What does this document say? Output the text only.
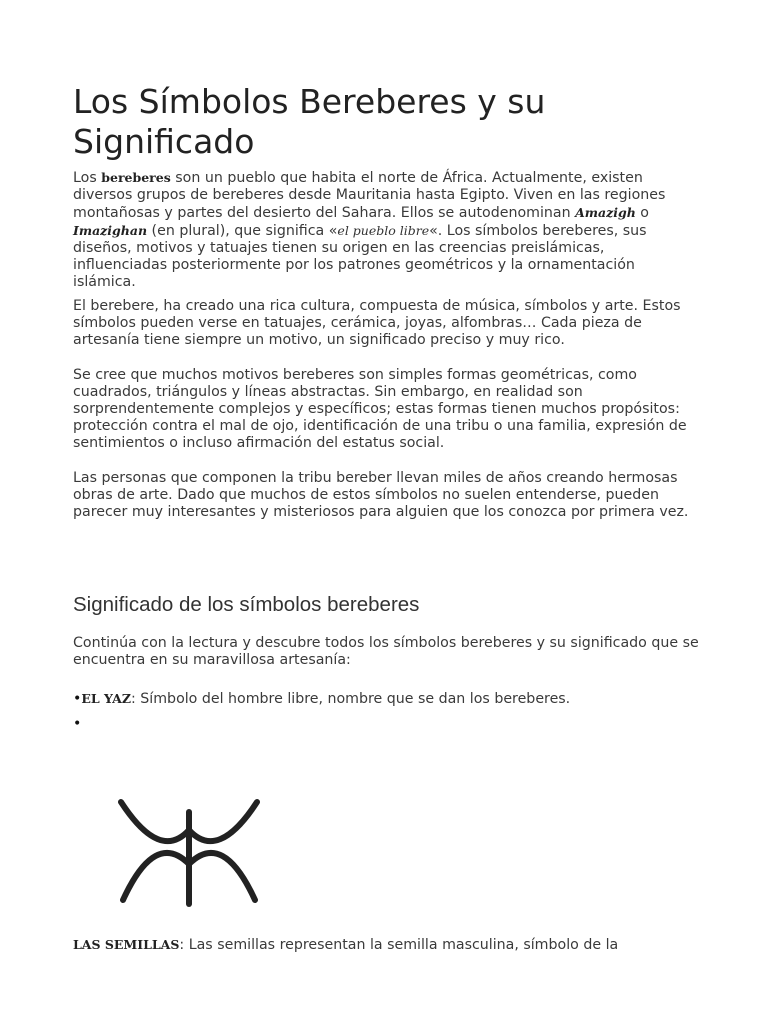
Los Símbolos Bereberes y su Significado

Los bereberes son un pueblo que habita el norte de África. Actualmente, existen diversos grupos de bereberes desde Mauritania hasta Egipto. Viven en las regiones montañosas y partes del desierto del Sahara. Ellos se autodenominan Amazigh o Imazighan (en plural), que significa «el pueblo libre«. Los símbolos bereberes, sus diseños, motivos y tatuajes tienen su origen en las creencias preislámicas, influenciadas posteriormente por los patrones geométricos y la ornamentación islámica.

El berebere, ha creado una rica cultura, compuesta de música, símbolos y arte. Estos símbolos pueden verse en tatuajes, cerámica, joyas, alfombras… Cada pieza de artesanía tiene siempre un motivo, un significado preciso y muy rico.

Se cree que muchos motivos bereberes son simples formas geométricas, como cuadrados, triángulos y líneas abstractas. Sin embargo, en realidad son sorprendentemente complejos y específicos; estas formas tienen muchos propósitos: protección contra el mal de ojo, identificación de una tribu o una familia, expresión de sentimientos o incluso afirmación del estatus social.

Las personas que componen la tribu bereber llevan miles de años creando hermosas obras de arte. Dado que muchos de estos símbolos no suelen entenderse, pueden parecer muy interesantes y misteriosos para alguien que los conozca por primera vez.

Significado de los símbolos bereberes

Continúa con la lectura y descubre todos los símbolos bereberes y su significado que se encuentra en su maravillosa artesanía:

•EL YAZ: Símbolo del hombre libre, nombre que se dan los bereberes.

•

LAS SEMILLAS: Las semillas representan la semilla masculina, símbolo de la
